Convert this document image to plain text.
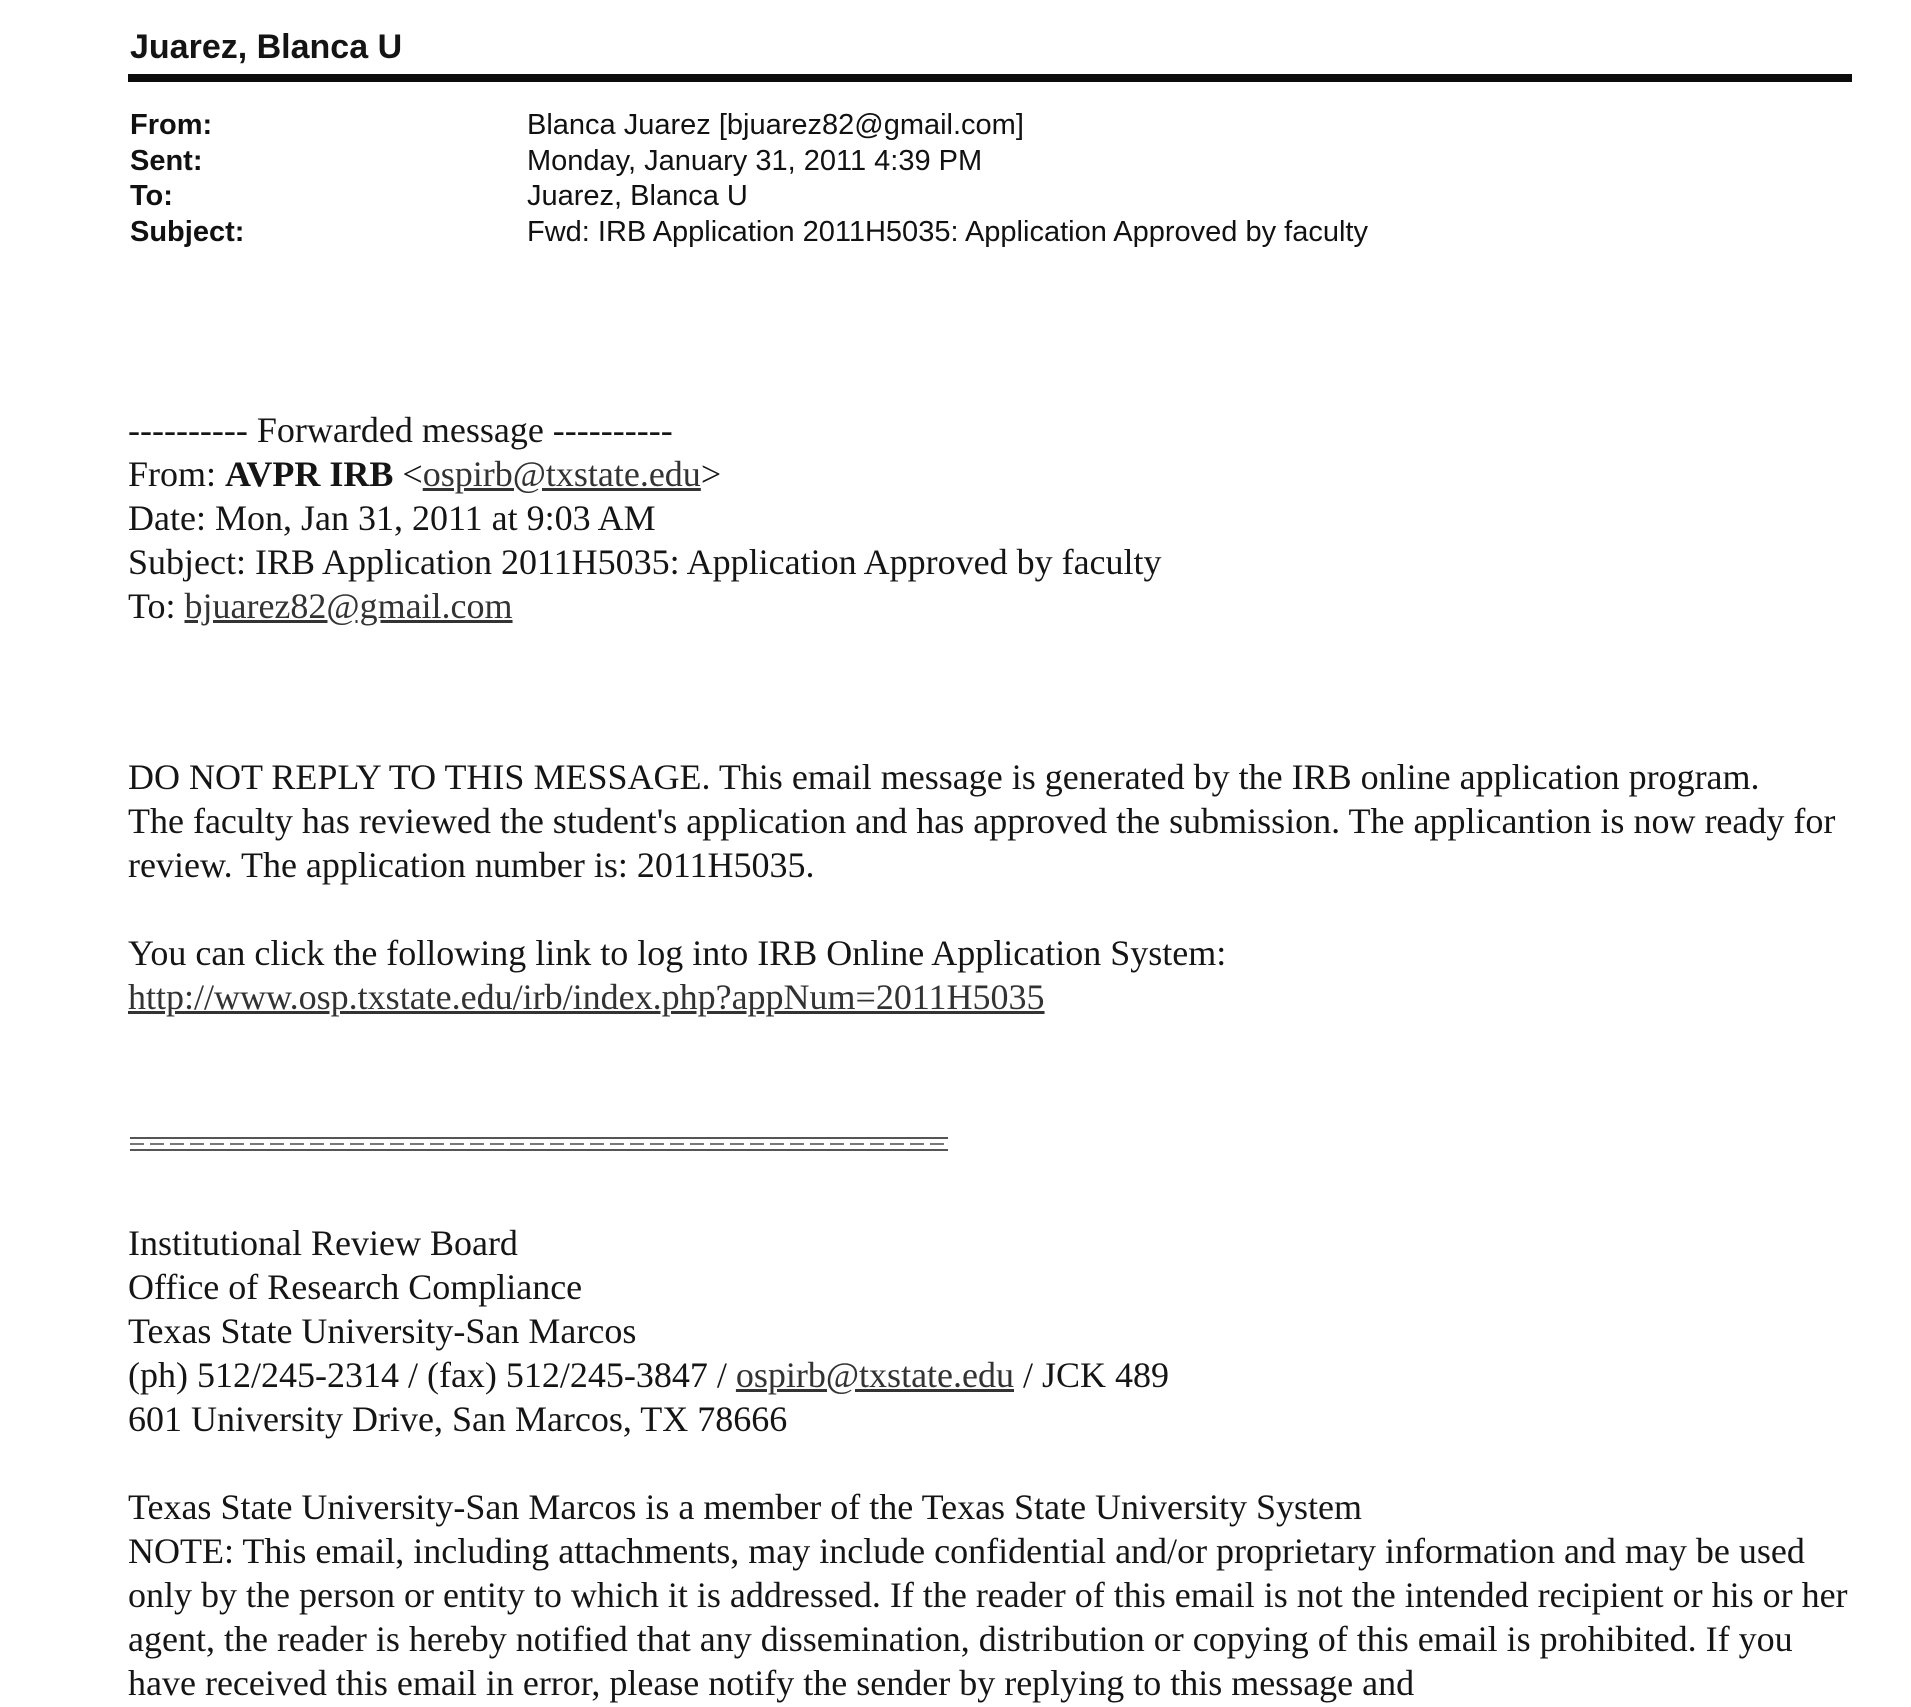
Juarez, Blanca U
From:	Blanca Juarez [bjuarez82@gmail.com]
Sent:	Monday, January 31, 2011 4:39 PM
To:	Juarez, Blanca U
Subject:	Fwd: IRB Application 2011H5035: Application Approved by faculty
---------- Forwarded message ----------
From: AVPR IRB <ospirb@txstate.edu>
Date: Mon, Jan 31, 2011 at 9:03 AM
Subject: IRB Application 2011H5035: Application Approved by faculty
To: bjuarez82@gmail.com

DO NOT REPLY TO THIS MESSAGE. This email message is generated by the IRB online application program.

The faculty has reviewed the student's application and has approved the submission. The applicantion is now ready for review. The application number is: 2011H5035.

You can click the following link to log into IRB Online Application System:

http://www.osp.txstate.edu/irb/index.php?appNum=2011H5035

Institutional Review Board

Office of Research Compliance

Texas State University-San Marcos

(ph) 512/245-2314 / (fax) 512/245-3847 / ospirb@txstate.edu / JCK 489

601 University Drive, San Marcos, TX 78666

Texas State University-San Marcos is a member of the Texas State University System

NOTE: This email, including attachments, may include confidential and/or proprietary information and may be used only by the person or entity to which it is addressed. If the reader of this email is not the intended recipient or his or her agent, the reader is hereby notified that any dissemination, distribution or copying of this email is prohibited. If you have received this email in error, please notify the sender by replying to this message and
